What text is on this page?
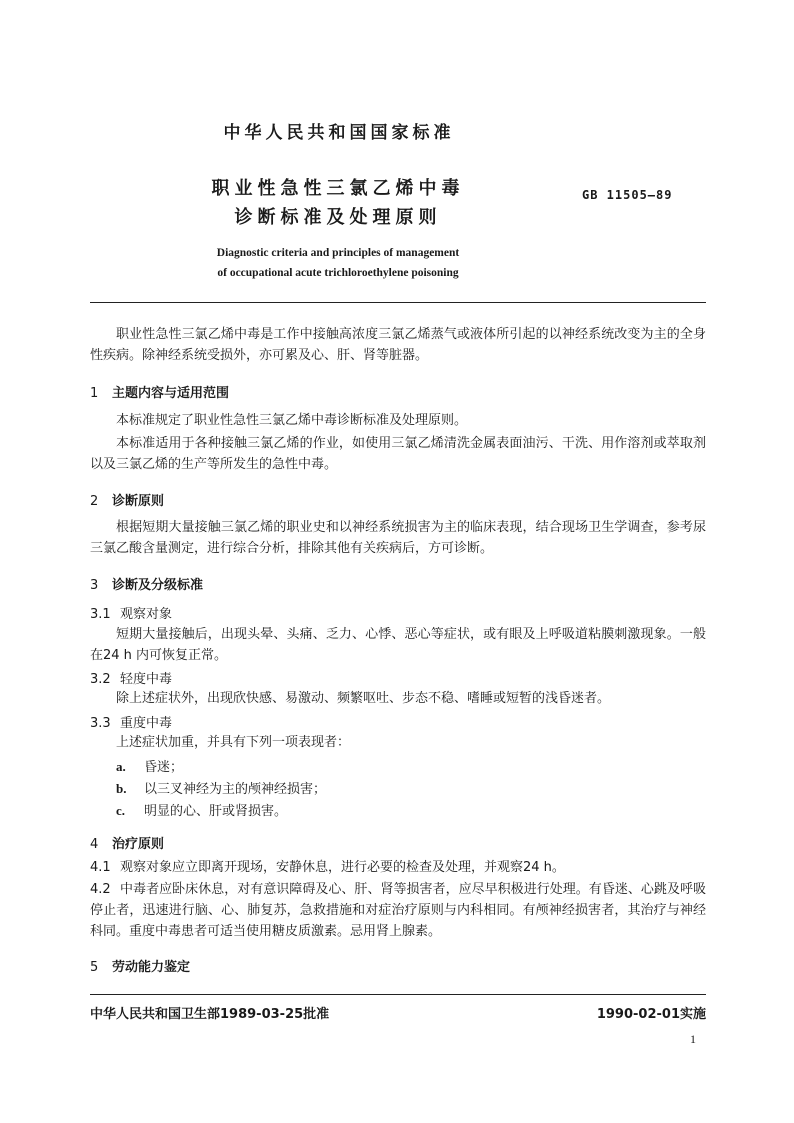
中华人民共和国国家标准
职业性急性三氯乙烯中毒
诊断标准及处理原则
GB 11505—89
Diagnostic criteria and principles of management
of occupational acute trichloroethylene poisoning
职业性急性三氯乙烯中毒是工作中接触高浓度三氯乙烯蒸气或液体所引起的以神经系统改变为主的全身性疾病。除神经系统受损外，亦可累及心、肝、肾等脏器。
1 主题内容与适用范围
本标准规定了职业性急性三氯乙烯中毒诊断标准及处理原则。
本标准适用于各种接触三氯乙烯的作业，如使用三氯乙烯清洗金属表面油污、干洗、用作溶剂或萃取剂以及三氯乙烯的生产等所发生的急性中毒。
2 诊断原则
根据短期大量接触三氯乙烯的职业史和以神经系统损害为主的临床表现，结合现场卫生学调查，参考尿三氯乙酸含量测定，进行综合分析，排除其他有关疾病后，方可诊断。
3 诊断及分级标准
3.1 观察对象
短期大量接触后，出现头晕、头痛、乏力、心悸、恶心等症状，或有眼及上呼吸道粘膜刺激现象。一般在24 h 内可恢复正常。
3.2 轻度中毒
除上述症状外，出现欣快感、易激动、频繁呕吐、步态不稳、嗜睡或短暂的浅昏迷者。
3.3 重度中毒
上述症状加重，并具有下列一项表现者：
a. 昏迷；
b. 以三叉神经为主的颅神经损害；
c. 明显的心、肝或肾损害。
4 治疗原则
4.1 观察对象应立即离开现场，安静休息，进行必要的检查及处理，并观察24 h。
4.2 中毒者应卧床休息，对有意识障碍及心、肝、肾等损害者，应尽早积极进行处理。有昏迷、心跳及呼吸停止者，迅速进行脑、心、肺复苏，急救措施和对症治疗原则与内科相同。有颅神经损害者，其治疗与神经科同。重度中毒患者可适当使用糖皮质激素。忌用肾上腺素。
5 劳动能力鉴定
中华人民共和国卫生部1989-03-25批准	1990-02-01实施
1
